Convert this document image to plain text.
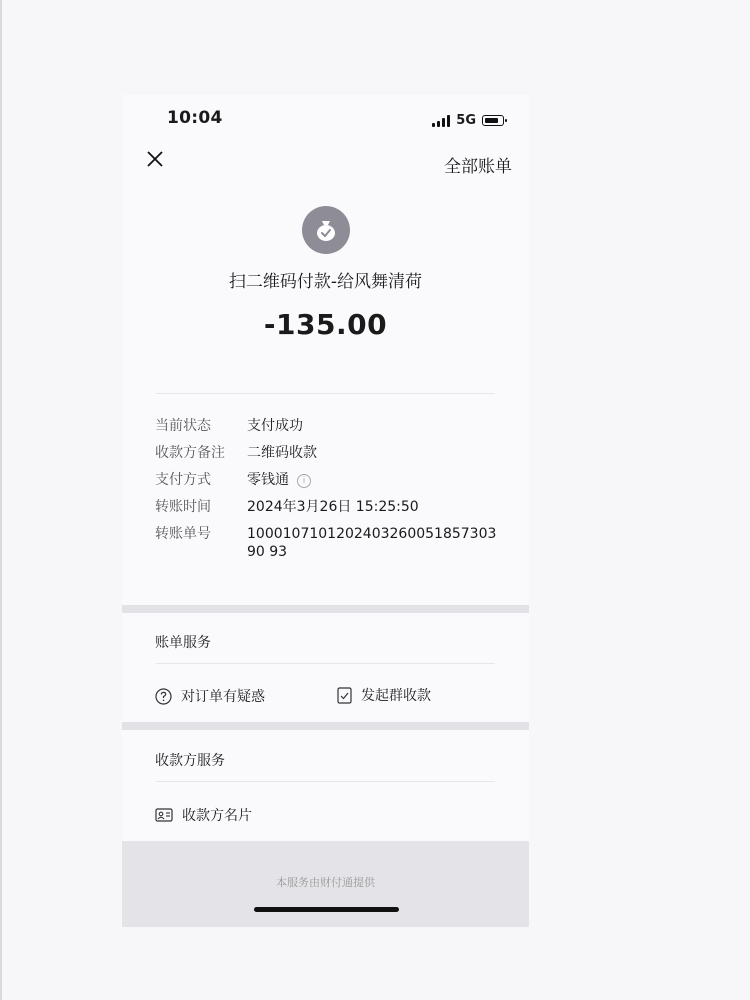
10:04	5G
全部账单
扫二维码付款-给风舞清荷
-135.00
当前状态	支付成功
收款方备注	二维码收款
支付方式	零钱通	i
转账时间	2024年3月26日 15:25:50
转账单号	100010710120240326005185730390 93
账单服务
对订单有疑惑	发起群收款
收款方服务
收款方名片
本服务由财付通提供
